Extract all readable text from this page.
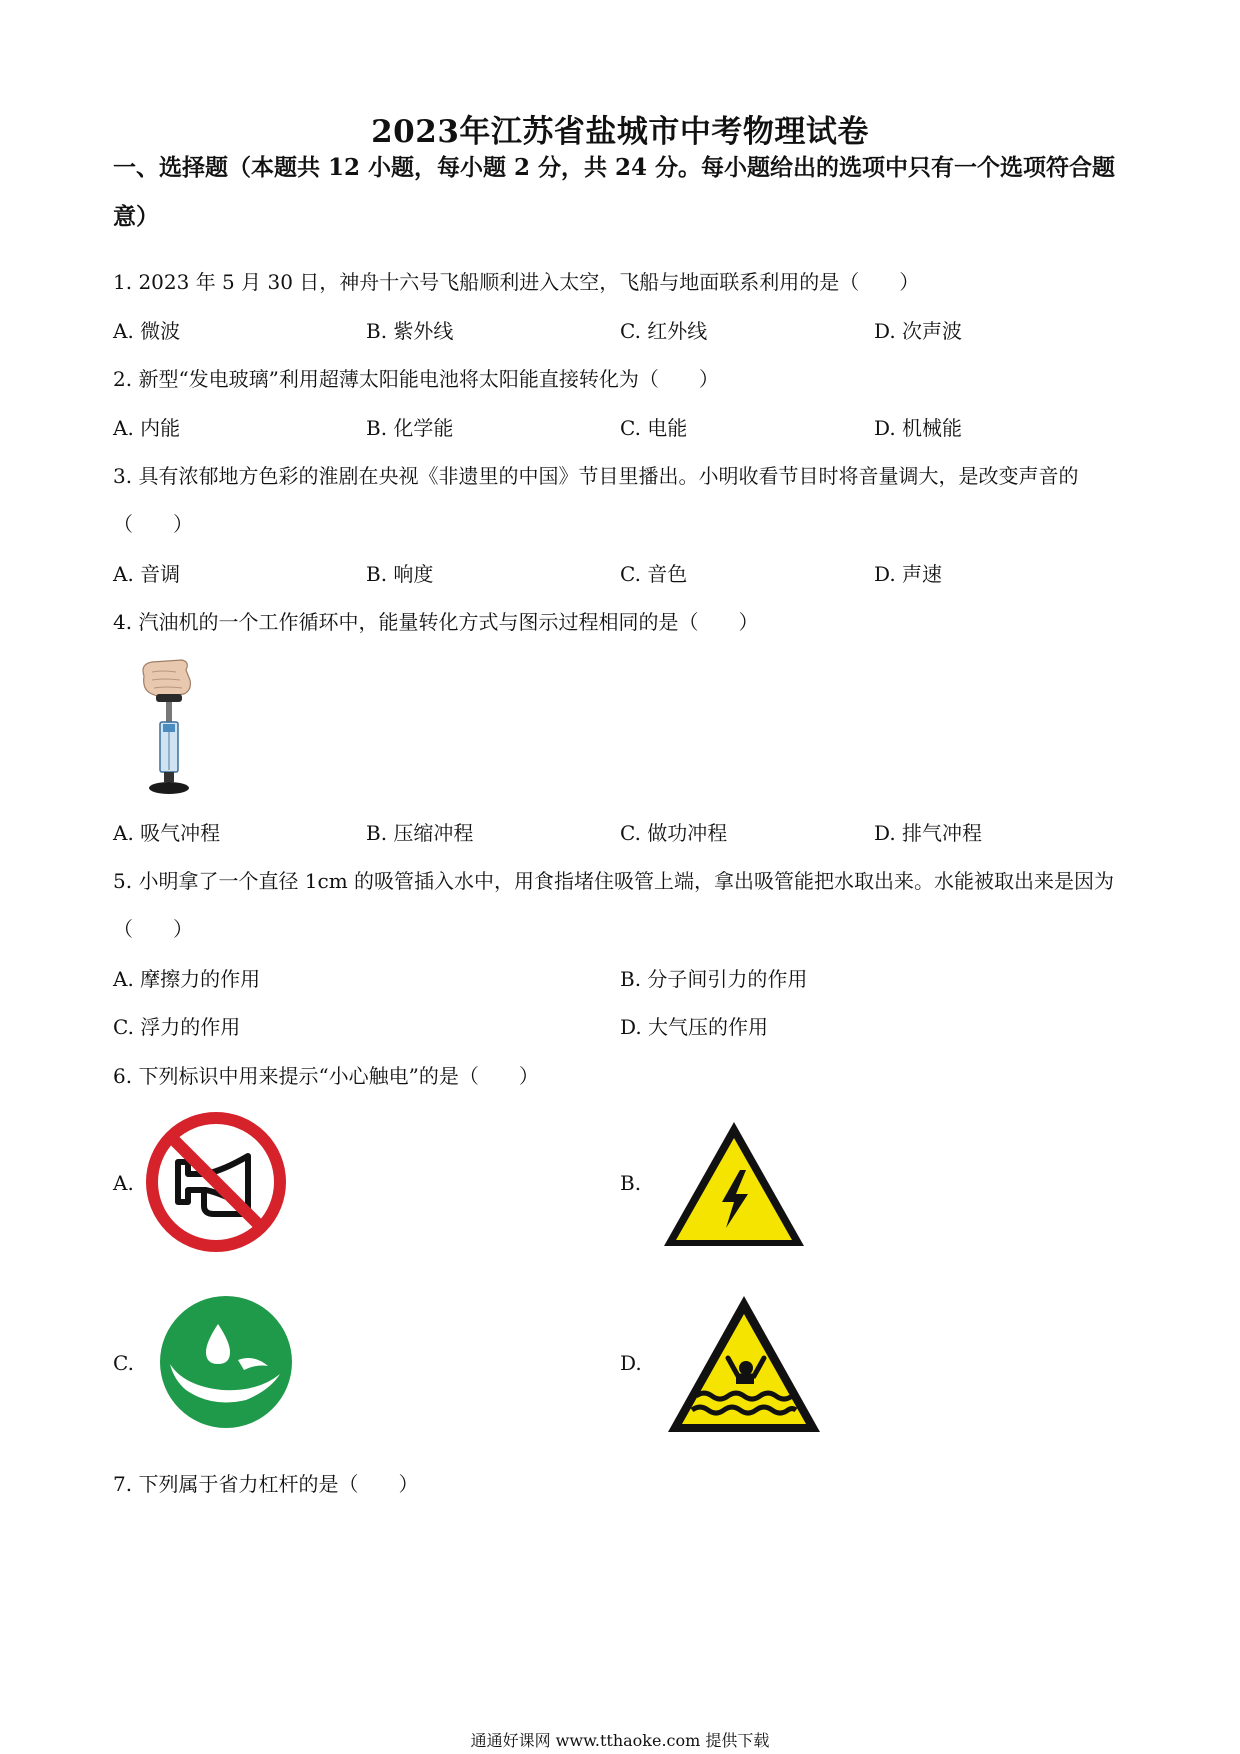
2023年江苏省盐城市中考物理试卷
一、选择题（本题共 12 小题，每小题 2 分，共 24 分。每小题给出的选项中只有一个选项符合题意）
1. 2023 年 5 月 30 日，神舟十六号飞船顺利进入太空，飞船与地面联系利用的是（　　）
A. 微波	B. 紫外线	C. 红外线	D. 次声波
2. 新型“发电玻璃”利用超薄太阳能电池将太阳能直接转化为（　　）
A. 内能	B. 化学能	C. 电能	D. 机械能
3. 具有浓郁地方色彩的淮剧在央视《非遗里的中国》节目里播出。小明收看节目时将音量调大，是改变声音的（　　）
A. 音调	B. 响度	C. 音色	D. 声速
4. 汽油机的一个工作循环中，能量转化方式与图示过程相同的是（　　）
A. 吸气冲程	B. 压缩冲程	C. 做功冲程	D. 排气冲程
5. 小明拿了一个直径 1cm 的吸管插入水中，用食指堵住吸管上端，拿出吸管能把水取出来。水能被取出来是因为（　　）
A. 摩擦力的作用	B. 分子间引力的作用
C. 浮力的作用	D. 大气压的作用
6. 下列标识中用来提示“小心触电”的是（　　）
A.	B.
C.	D.
7. 下列属于省力杠杆的是（　　）
通通好课网 www.tthaoke.com 提供下载
